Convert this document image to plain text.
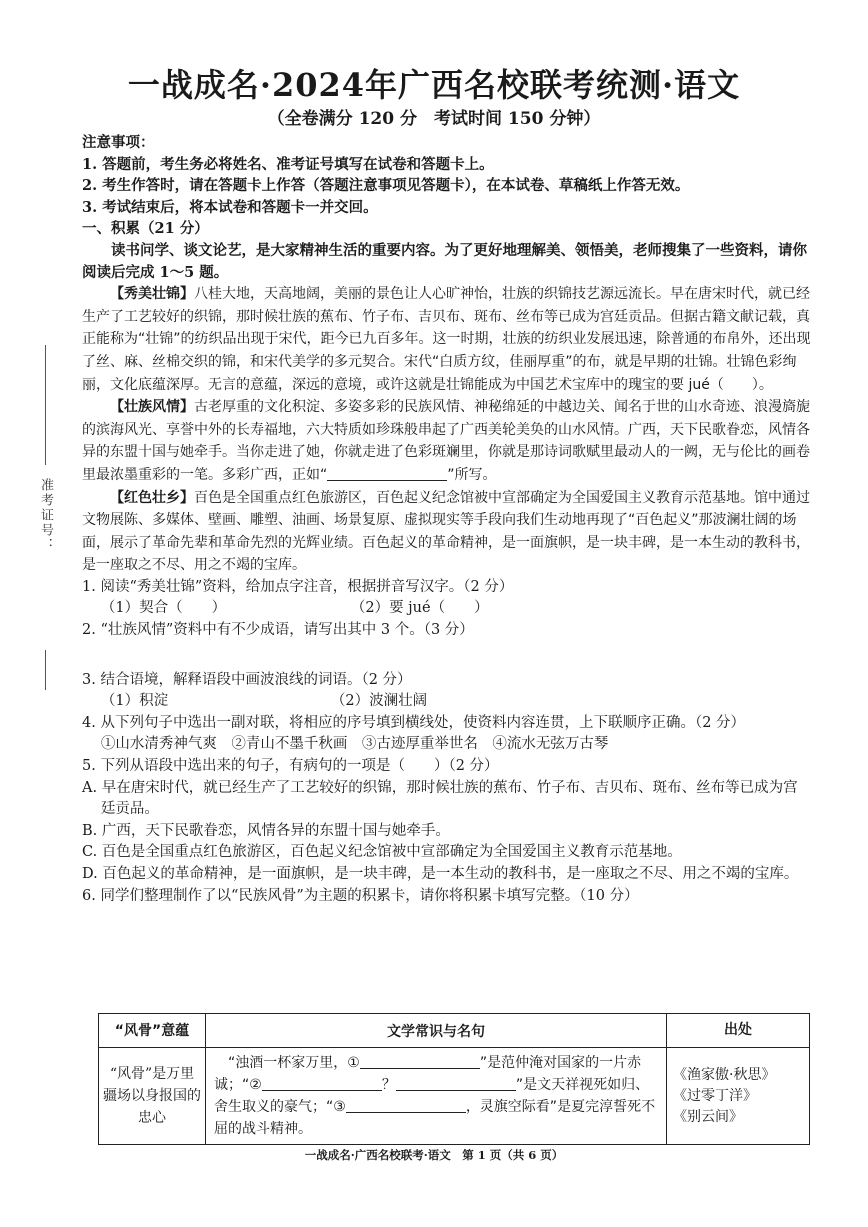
一战成名·2024年广西名校联考统测·语文
（全卷满分 120 分　考试时间 150 分钟）
准考证号：

注意事项：

1. 答题前，考生务必将姓名、准考证号填写在试卷和答题卡上。

2. 考生作答时，请在答题卡上作答（答题注意事项见答题卡），在本试卷、草稿纸上作答无效。

3. 考试结束后，将本试卷和答题卡一并交回。

一、积累（21 分）

读书问学、谈文论艺，是大家精神生活的重要内容。为了更好地理解美、领悟美，老师搜集了一些资料，请你阅读后完成 1～5 题。

【秀美壮锦】八桂大地，天高地阔，美丽的景色让人心旷神怡，壮族的织锦技艺源远流长。早在唐宋时代，就已经生产了工艺较好的织锦，那时候壮族的蕉布、竹子布、吉贝布、斑布、丝布等已成为宫廷贡品。但据古籍文献记载，真正能称为“壮锦”的纺织品出现于宋代，距今已九百多年。这一时期，壮族的纺织业发展迅速，除普通的布帛外，还出现了丝、麻、丝棉交织的锦，和宋代美学的多元契合。宋代“白质方纹，佳丽厚重”的布，就是早期的壮锦。壮锦色彩绚丽，文化底蕴深厚。无言的意蕴，深远的意境，或许这就是壮锦能成为中国艺术宝库中的瑰宝的要 jué（　　）。

【壮族风情】古老厚重的文化积淀、多姿多彩的民族风情、神秘绵延的中越边关、闻名于世的山水奇迹、浪漫旖旎的滨海风光、享誉中外的长寿福地，六大特质如珍珠般串起了广西美轮美奂的山水风情。广西，天下民歌眷恋，风情各异的东盟十国与她牵手。当你走进了她，你就走进了色彩斑斓里，你就是那诗词歌赋里最动人的一阙，无与伦比的画卷里最浓墨重彩的一笔。多彩广西，正如“	”所写。

【红色壮乡】百色是全国重点红色旅游区，百色起义纪念馆被中宣部确定为全国爱国主义教育示范基地。馆中通过文物展陈、多媒体、壁画、雕塑、油画、场景复原、虚拟现实等手段向我们生动地再现了“百色起义”那波澜壮阔的场面，展示了革命先辈和革命先烈的光辉业绩。百色起义的革命精神，是一面旗帜，是一块丰碑，是一本生动的教科书，是一座取之不尽、用之不竭的宝库。

1. 阅读“秀美壮锦”资料，给加点字注音，根据拼音写汉字。（2 分）

（1）契合（　　）	（2）要 jué（　　）

2. “壮族风情”资料中有不少成语，请写出其中 3 个。（3 分）

3. 结合语境，解释语段中画波浪线的词语。（2 分）

（1）积淀	（2）波澜壮阔

4. 从下列句子中选出一副对联，将相应的序号填到横线处，使资料内容连贯，上下联顺序正确。（2 分）

①山水清秀神气爽　②青山不墨千秋画　③古迹厚重举世名　④流水无弦万古琴

5. 下列从语段中选出来的句子，有病句的一项是（　　）（2 分）

A. 早在唐宋时代，就已经生产了工艺较好的织锦，那时候壮族的蕉布、竹子布、吉贝布、斑布、丝布等已成为宫廷贡品。

B. 广西，天下民歌眷恋，风情各异的东盟十国与她牵手。

C. 百色是全国重点红色旅游区，百色起义纪念馆被中宣部确定为全国爱国主义教育示范基地。

D. 百色起义的革命精神，是一面旗帜，是一块丰碑，是一本生动的教科书，是一座取之不尽、用之不竭的宝库。

6. 同学们整理制作了以“民族风骨”为主题的积累卡，请你将积累卡填写完整。（10 分）

“风骨”意蕴	文学常识与名句	出处
“风骨”是万里疆场以身报国的忠心	　“浊酒一杯家万里，① ”是范仲淹对国家的一片赤诚；“② ？ ”是文天祥视死如归、舍生取义的豪气；“③ ，灵旗空际看”是夏完淳誓死不屈的战斗精神。	《渔家傲·秋思》
《过零丁洋》
《别云间》
一战成名·广西名校联考·语文　第 1 页（共 6 页）
